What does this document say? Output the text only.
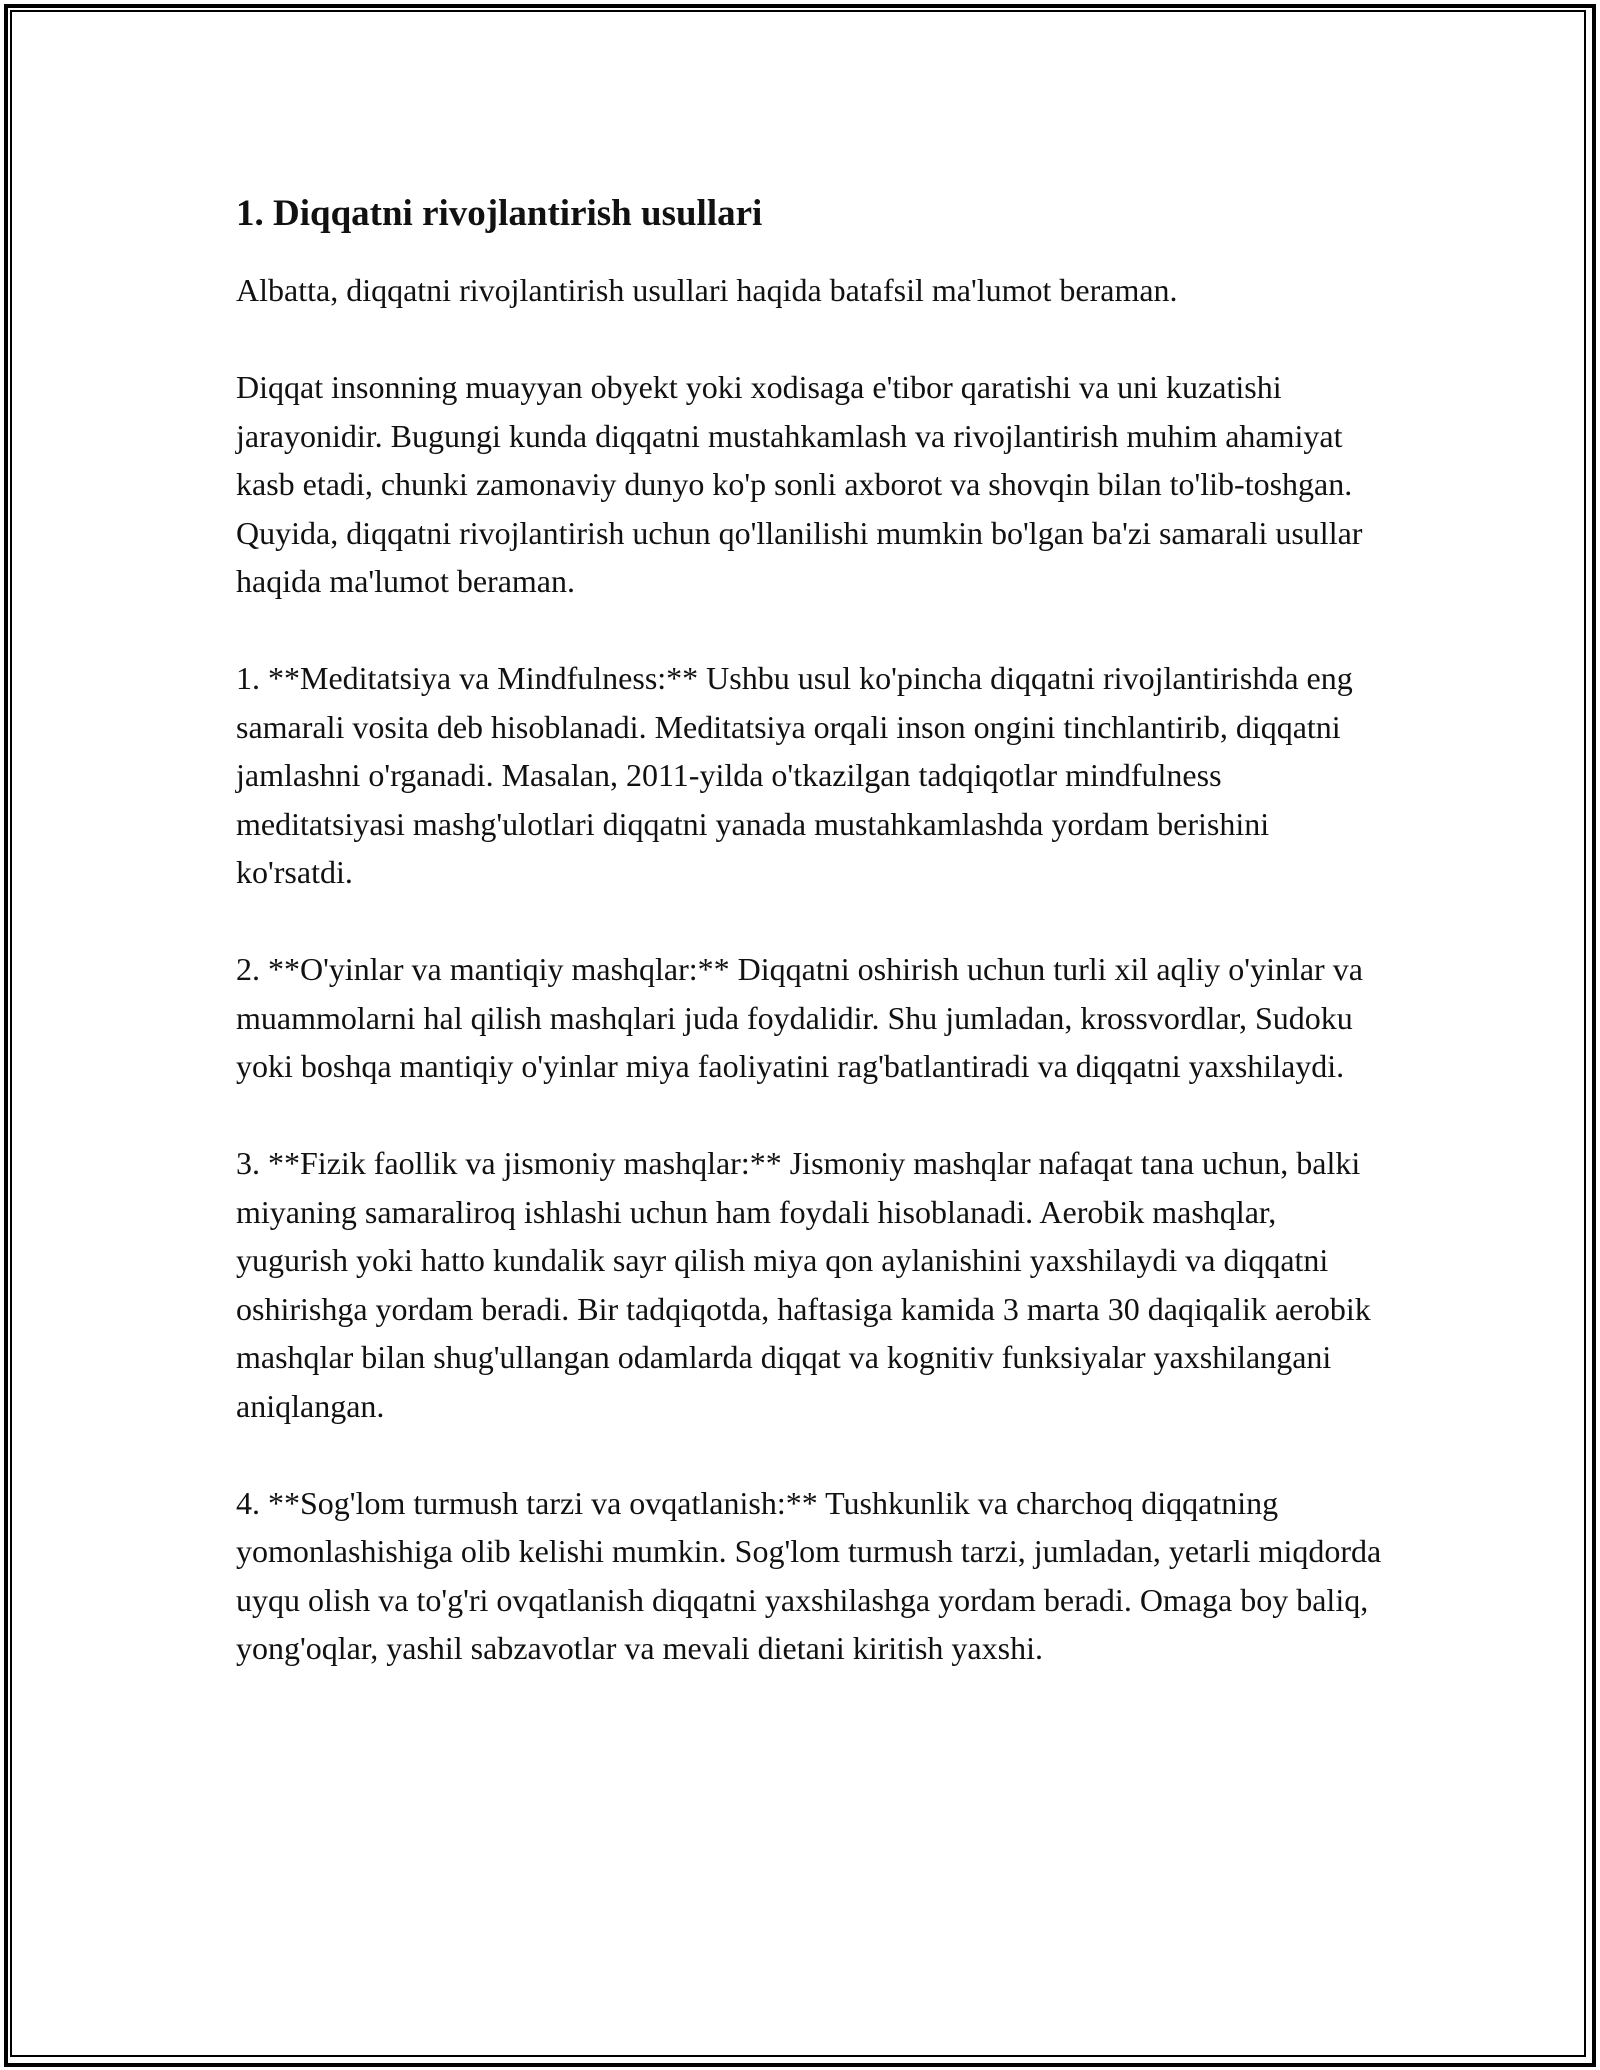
1. Diqqatni rivojlantirish usullari

Albatta, diqqatni rivojlantirish usullari haqida batafsil ma'lumot beraman.

Diqqat insonning muayyan obyekt yoki xodisaga e'tibor qaratishi va uni kuzatishi jarayonidir. Bugungi kunda diqqatni mustahkamlash va rivojlantirish muhim ahamiyat kasb etadi, chunki zamonaviy dunyo ko'p sonli axborot va shovqin bilan to'lib-toshgan. Quyida, diqqatni rivojlantirish uchun qo'llanilishi mumkin bo'lgan ba'zi samarali usullar haqida ma'lumot beraman.

1. **Meditatsiya va Mindfulness:** Ushbu usul ko'pincha diqqatni rivojlantirishda eng samarali vosita deb hisoblanadi. Meditatsiya orqali inson ongini tinchlantirib, diqqatni jamlashni o'rganadi. Masalan, 2011-yilda o'tkazilgan tadqiqotlar mindfulness meditatsiyasi mashg'ulotlari diqqatni yanada mustahkamlashda yordam berishini ko'rsatdi.

2. **O'yinlar va mantiqiy mashqlar:** Diqqatni oshirish uchun turli xil aqliy o'yinlar va muammolarni hal qilish mashqlari juda foydalidir. Shu jumladan, krossvordlar, Sudoku yoki boshqa mantiqiy o'yinlar miya faoliyatini rag'batlantiradi va diqqatni yaxshilaydi.

3. **Fizik faollik va jismoniy mashqlar:** Jismoniy mashqlar nafaqat tana uchun, balki miyaning samaraliroq ishlashi uchun ham foydali hisoblanadi. Aerobik mashqlar, yugurish yoki hatto kundalik sayr qilish miya qon aylanishini yaxshilaydi va diqqatni oshirishga yordam beradi. Bir tadqiqotda, haftasiga kamida 3 marta 30 daqiqalik aerobik mashqlar bilan shug'ullangan odamlarda diqqat va kognitiv funksiyalar yaxshilangani aniqlangan.

4. **Sog'lom turmush tarzi va ovqatlanish:** Tushkunlik va charchoq diqqatning yomonlashishiga olib kelishi mumkin. Sog'lom turmush tarzi, jumladan, yetarli miqdorda uyqu olish va to'g'ri ovqatlanish diqqatni yaxshilashga yordam beradi. Omaga boy baliq, yong'oqlar, yashil sabzavotlar va mevali dietani kiritish yaxshi.
